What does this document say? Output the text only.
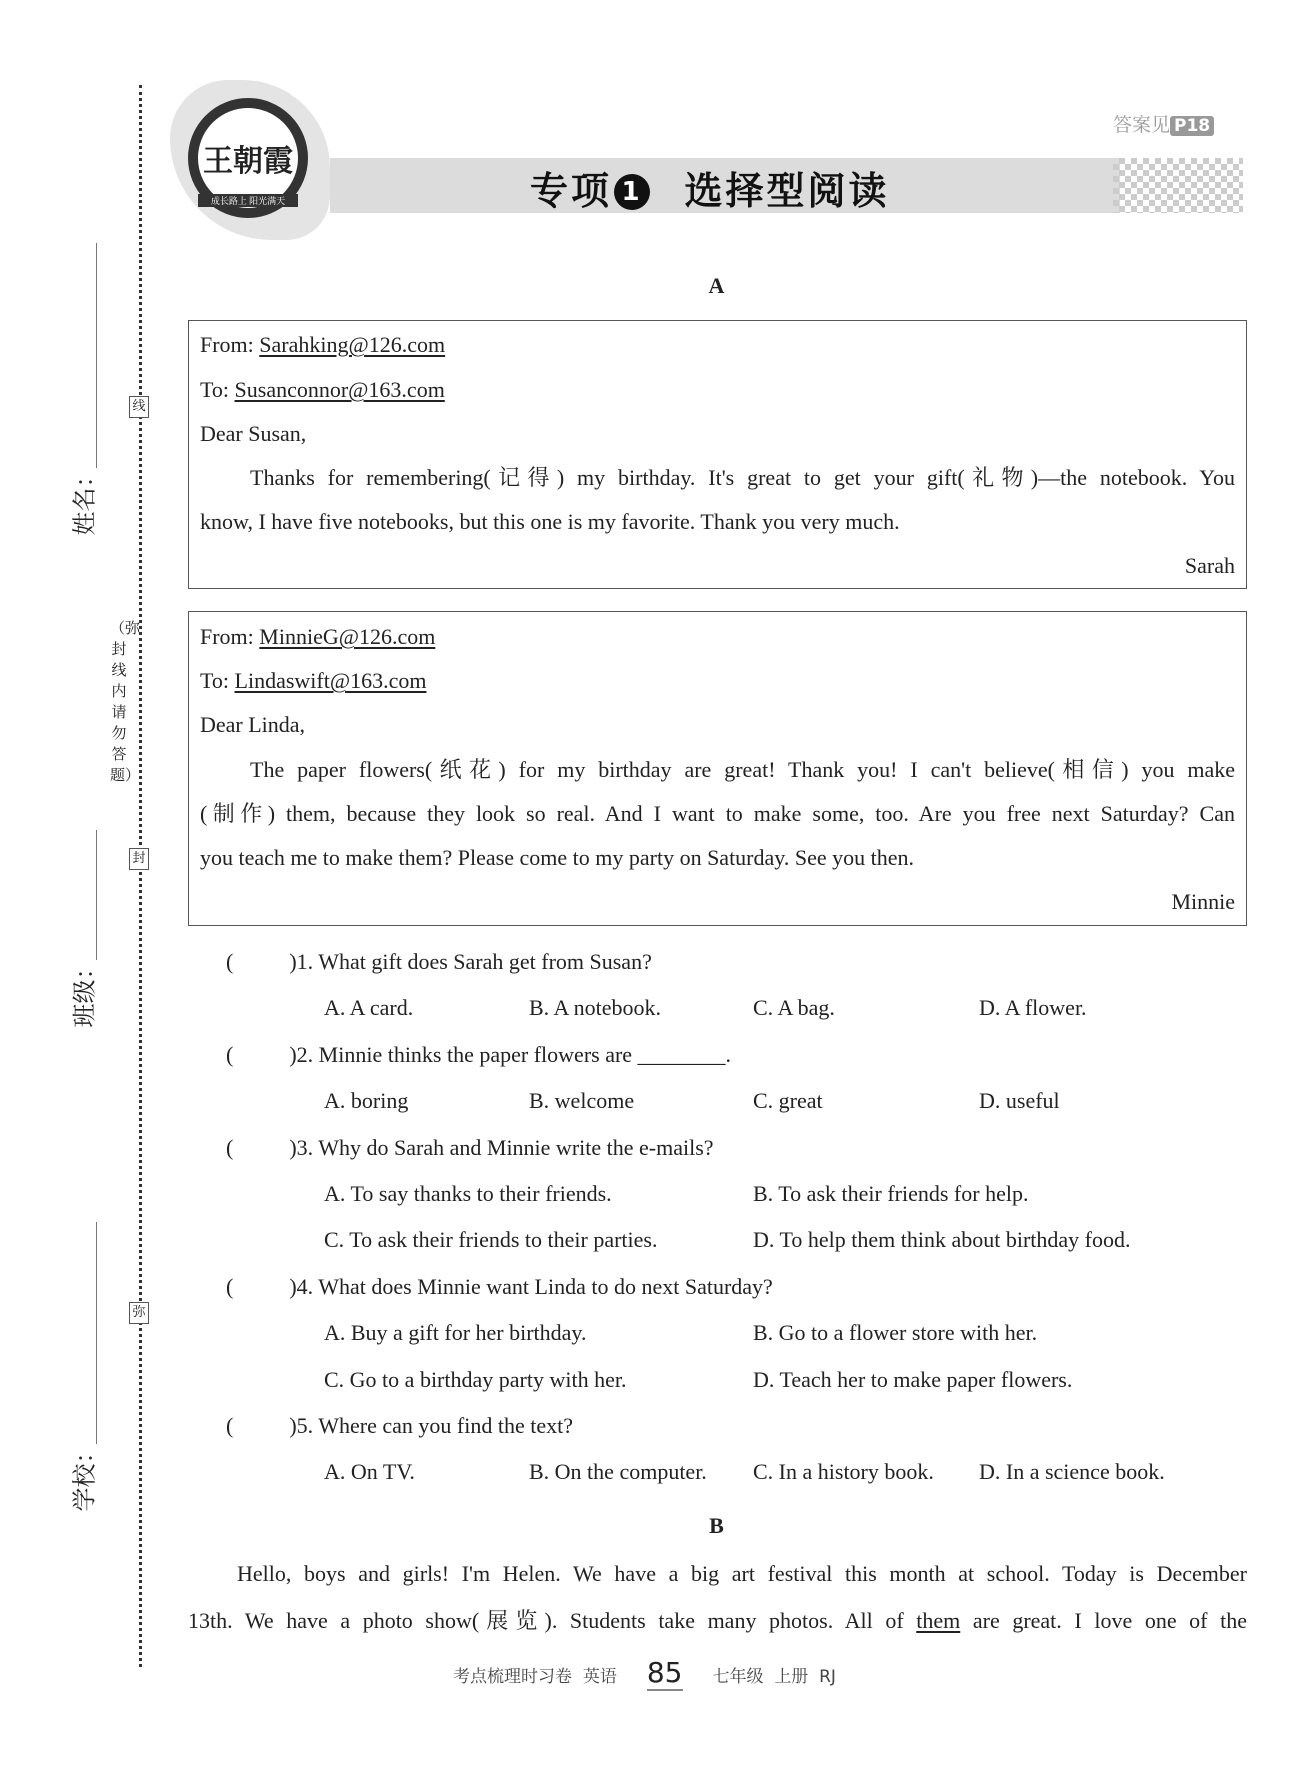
线
封
弥
姓名：
班级：
学校：
（弥封线内请勿答题）
王朝霞
成长路上 阳光满天	专项 1 选择型阅读
答案见 P18
A
From: Sarahking@126.com
To: Susanconnor@163.com
Dear Susan,
Thanks for remembering(记得) my birthday. It's great to get your gift(礼物)—the notebook. You
know, I have five notebooks, but this one is my favorite. Thank you very much.
Sarah
From: MinnieG@126.com
To: Lindaswift@163.com
Dear Linda,
The paper flowers(纸花) for my birthday are great! Thank you! I can't believe(相信) you make
(制作) them, because they look so real. And I want to make some, too. Are you free next Saturday? Can
you teach me to make them? Please come to my party on Saturday. See you then.
Minnie
(	)1. What gift does Sarah get from Susan?
A. A card.	B. A notebook.	C. A bag.	D. A flower.
(	)2. Minnie thinks the paper flowers are ________.
A. boring	B. welcome	C. great	D. useful
(	)3. Why do Sarah and Minnie write the e-mails?
A. To say thanks to their friends.	B. To ask their friends for help.
C. To ask their friends to their parties.	D. To help them think about birthday food.
(	)4. What does Minnie want Linda to do next Saturday?
A. Buy a gift for her birthday.	B. Go to a flower store with her.
C. Go to a birthday party with her.	D. Teach her to make paper flowers.
(	)5. Where can you find the text?
A. On TV.	B. On the computer. C. In a history book. D. In a science book.
B
Hello, boys and girls! I'm Helen. We have a big art festival this month at school. Today is December
13th. We have a photo show(展览). Students take many photos. All of them are great. I love one of the
考点梳理时习卷 英语 85 七年级 上册 RJ
